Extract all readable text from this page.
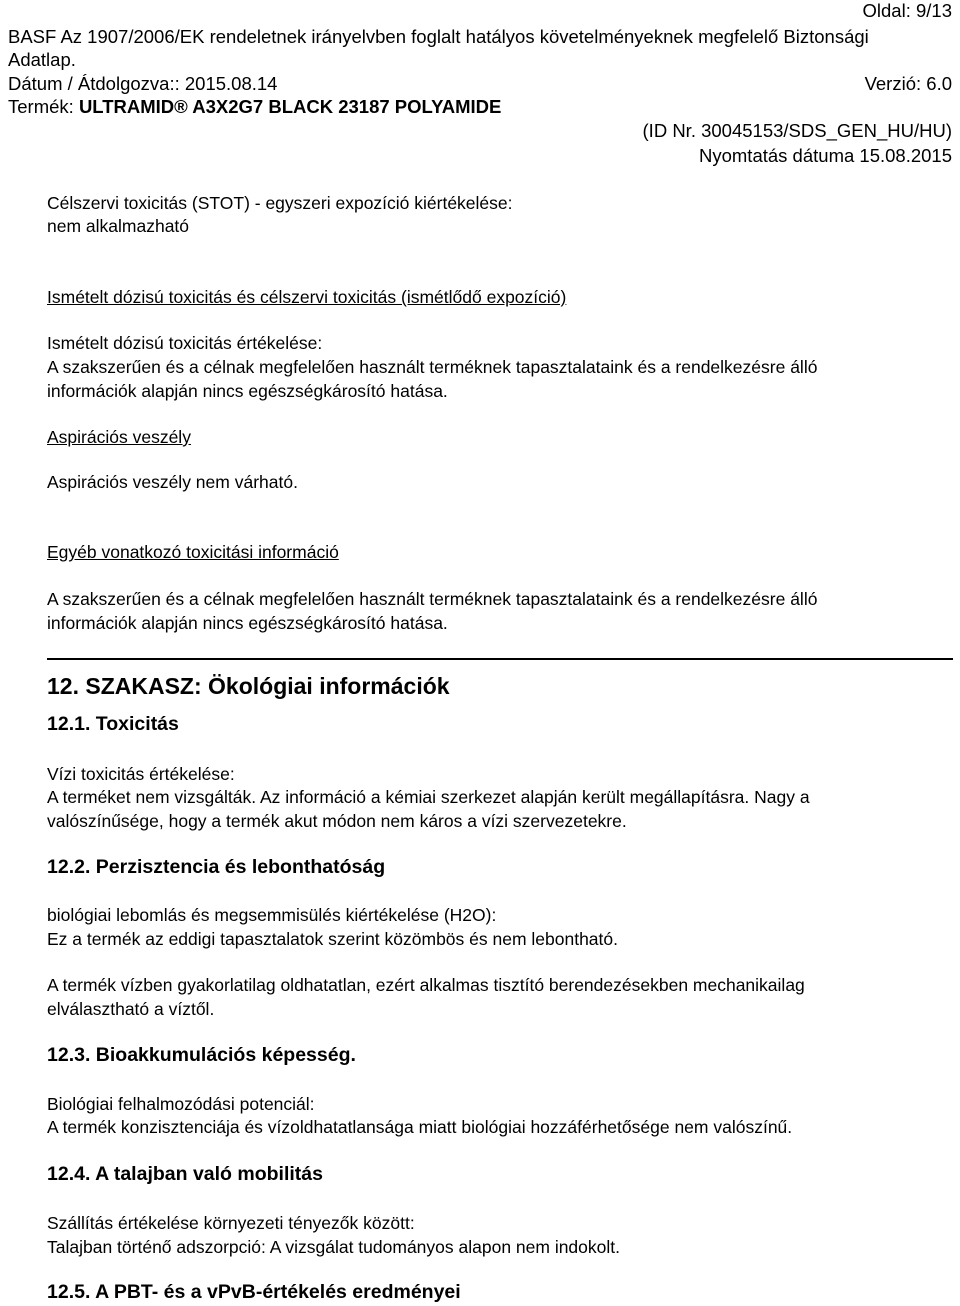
Oldal: 9/13
BASF Az 1907/2006/EK rendeletnek irányelvben foglalt hatályos követelményeknek megfelelő Biztonsági
Adatlap.
Dátum / Átdolgozva:: 2015.08.14	Verzió: 6.0
Termék: ULTRAMID® A3X2G7 BLACK 23187 POLYAMIDE
(ID Nr. 30045153/SDS_GEN_HU/HU)
Nyomtatás dátuma 15.08.2015
Célszervi toxicitás (STOT) - egyszeri expozíció kiértékelése:
nem alkalmazható
Ismételt dózisú toxicitás és célszervi toxicitás (ismétlődő expozíció)
Ismételt dózisú toxicitás értékelése:
A szakszerűen és a célnak megfelelően használt terméknek tapasztalataink és a rendelkezésre álló
információk alapján nincs egészségkárosító hatása.
Aspirációs veszély
Aspirációs veszély nem várható.
Egyéb vonatkozó toxicitási információ
A szakszerűen és a célnak megfelelően használt terméknek tapasztalataink és a rendelkezésre álló
információk alapján nincs egészségkárosító hatása.
12. SZAKASZ: Ökológiai információk
12.1. Toxicitás
Vízi toxicitás értékelése:
A terméket nem vizsgálták. Az információ a kémiai szerkezet alapján került megállapításra. Nagy a
valószínűsége, hogy a termék akut módon nem káros a vízi szervezetekre.
12.2. Perzisztencia és lebonthatóság
biológiai lebomlás és megsemmisülés kiértékelése (H2O):
Ez a termék az eddigi tapasztalatok szerint közömbös és nem lebontható.
A termék vízben gyakorlatilag oldhatatlan, ezért alkalmas tisztító berendezésekben mechanikailag
elválasztható a víztől.
12.3. Bioakkumulációs képesség.
Biológiai felhalmozódási potenciál:
A termék konzisztenciája és vízoldhatatlansága miatt biológiai hozzáférhetősége nem valószínű.
12.4. A talajban való mobilitás
Szállítás értékelése környezeti tényezők között:
Talajban történő adszorpció: A vizsgálat tudományos alapon nem indokolt.
12.5. A PBT- és a vPvB-értékelés eredményei
